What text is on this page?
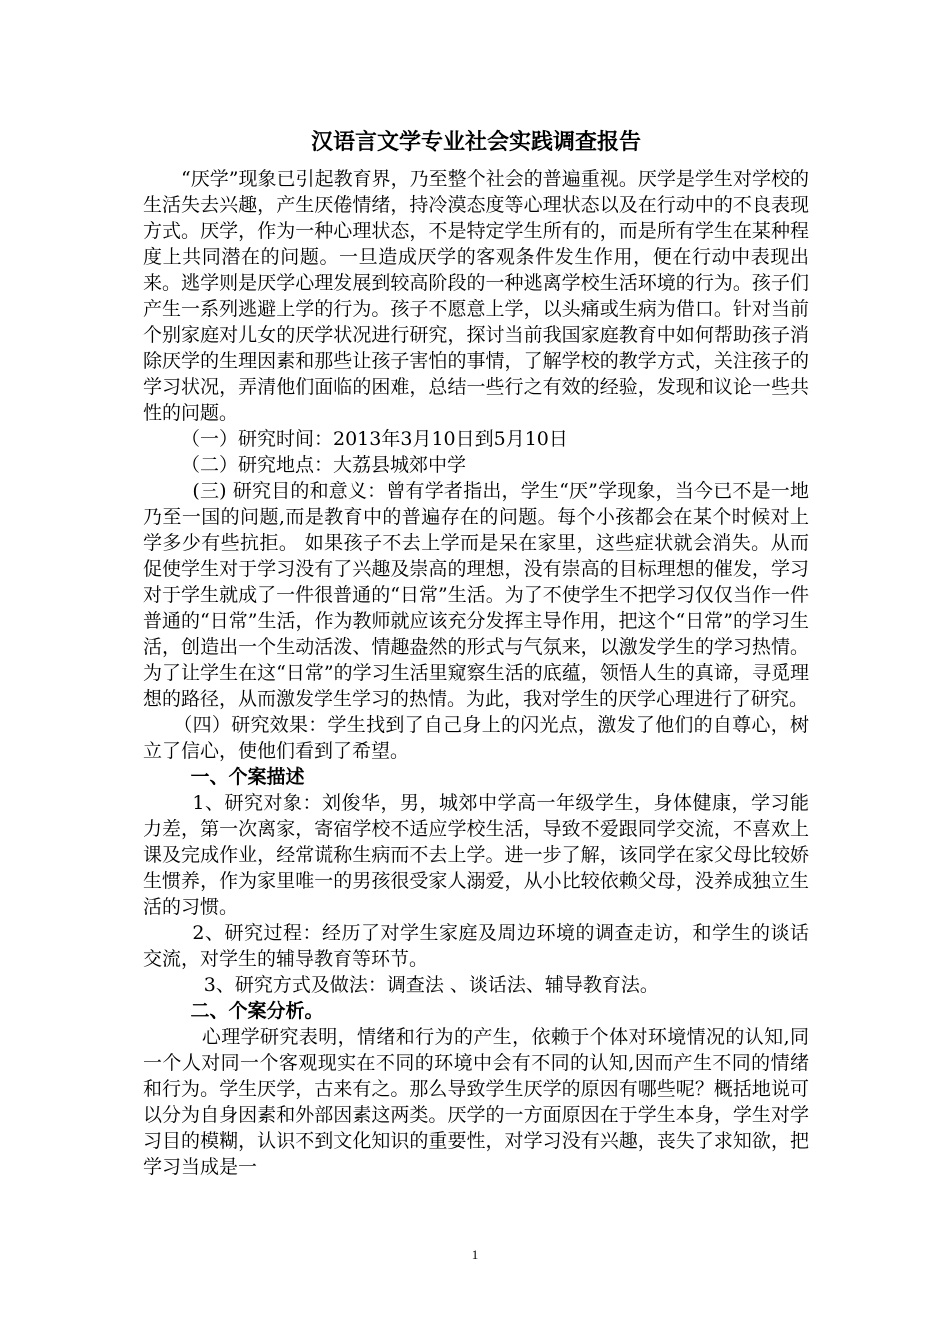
汉语言文学专业社会实践调查报告

“厌学”现象已引起教育界，乃至整个社会的普遍重视。厌学是学生对学校的生活失去兴趣，产生厌倦情绪，持冷漠态度等心理状态以及在行动中的不良表现方式。厌学，作为一种心理状态，不是特定学生所有的，而是所有学生在某种程度上共同潜在的问题。一旦造成厌学的客观条件发生作用，便在行动中表现出来。逃学则是厌学心理发展到较高阶段的一种逃离学校生活环境的行为。孩子们产生一系列逃避上学的行为。孩子不愿意上学，以头痛或生病为借口。针对当前个别家庭对儿女的厌学状况进行研究，探讨当前我国家庭教育中如何帮助孩子消除厌学的生理因素和那些让孩子害怕的事情，了解学校的教学方式，关注孩子的学习状况，弄清他们面临的困难，总结一些行之有效的经验，发现和议论一些共性的问题。

（一）研究时间：2013年3月10日到5月10日

（二）研究地点：大荔县城郊中学

(三) 研究目的和意义：曾有学者指出，学生“厌”学现象，当今已不是一地乃至一国的问题,而是教育中的普遍存在的问题。每个小孩都会在某个时候对上学多少有些抗拒。 如果孩子不去上学而是呆在家里，这些症状就会消失。从而促使学生对于学习没有了兴趣及崇高的理想，没有崇高的目标理想的催发，学习对于学生就成了一件很普通的“日常”生活。为了不使学生不把学习仅仅当作一件普通的“日常”生活，作为教师就应该充分发挥主导作用，把这个“日常”的学习生活，创造出一个生动活泼、情趣盎然的形式与气氛来，以激发学生的学习热情。为了让学生在这“日常”的学习生活里窥察生活的底蕴，领悟人生的真谛，寻觅理想的路径，从而激发学生学习的热情。为此，我对学生的厌学心理进行了研究。

（四）研究效果：学生找到了自己身上的闪光点，激发了他们的自尊心，树立了信心，使他们看到了希望。

一、个案描述

1、研究对象：刘俊华，男，城郊中学高一年级学生，身体健康，学习能力差，第一次离家，寄宿学校不适应学校生活，导致不爱跟同学交流，不喜欢上课及完成作业，经常谎称生病而不去上学。进一步了解，该同学在家父母比较娇生惯养，作为家里唯一的男孩很受家人溺爱，从小比较依赖父母，没养成独立生活的习惯。

2、研究过程：经历了对学生家庭及周边环境的调查走访，和学生的谈话交流，对学生的辅导教育等环节。

3、研究方式及做法：调查法 、谈话法、辅导教育法。

二、个案分析。

心理学研究表明，情绪和行为的产生，依赖于个体对环境情况的认知,同一个人对同一个客观现实在不同的环境中会有不同的认知,因而产生不同的情绪和行为。学生厌学，古来有之。那么导致学生厌学的原因有哪些呢？概括地说可以分为自身因素和外部因素这两类。厌学的一方面原因在于学生本身，学生对学习目的模糊，认识不到文化知识的重要性，对学习没有兴趣，丧失了求知欲，把学习当成是一

1
